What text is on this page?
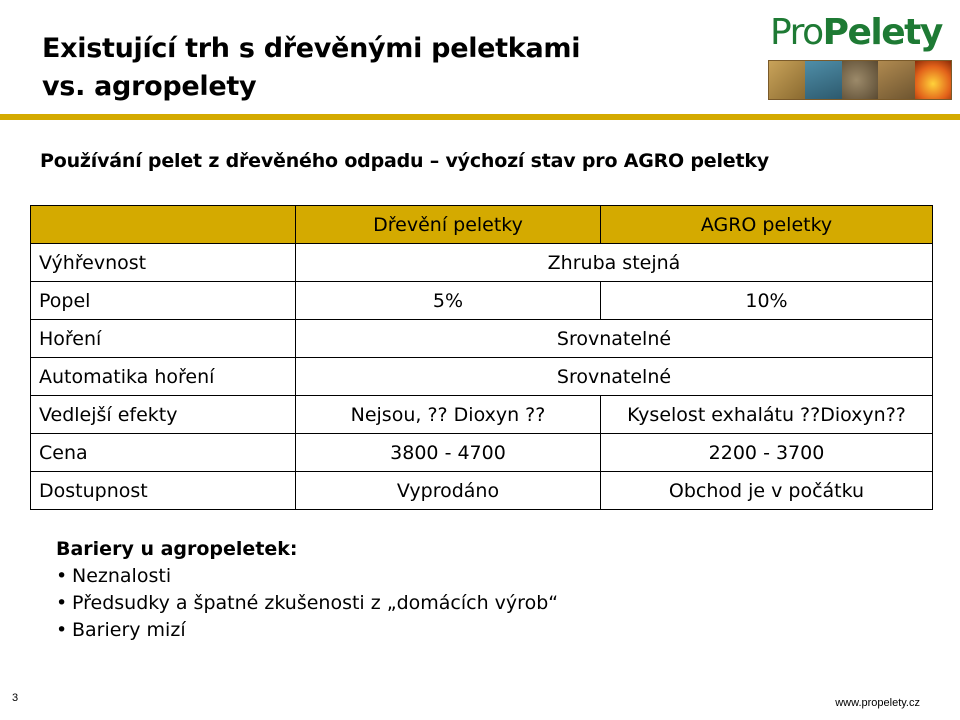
Existující trh s dřevěnými peletkami
vs. agropelety
ProPelety
Používání pelet z dřevěného odpadu – výchozí stav pro AGRO peletky
	Dřevění peletky	AGRO peletky
Výhřevnost	Zhruba stejná	
Popel	5%	10%
Hoření	Srovnatelné	
Automatika hoření	Srovnatelné	
Vedlejší efekty	Nejsou, ?? Dioxyn ??	Kyselost exhalátu ??Dioxyn??
Cena	3800 - 4700	2200 - 3700
Dostupnost	Vyprodáno	Obchod je v počátku
Bariery u agropeletek:
• Neznalosti
• Předsudky a špatné zkušenosti z „domácích výrob“
• Bariery mizí
3	www.propelety.cz
